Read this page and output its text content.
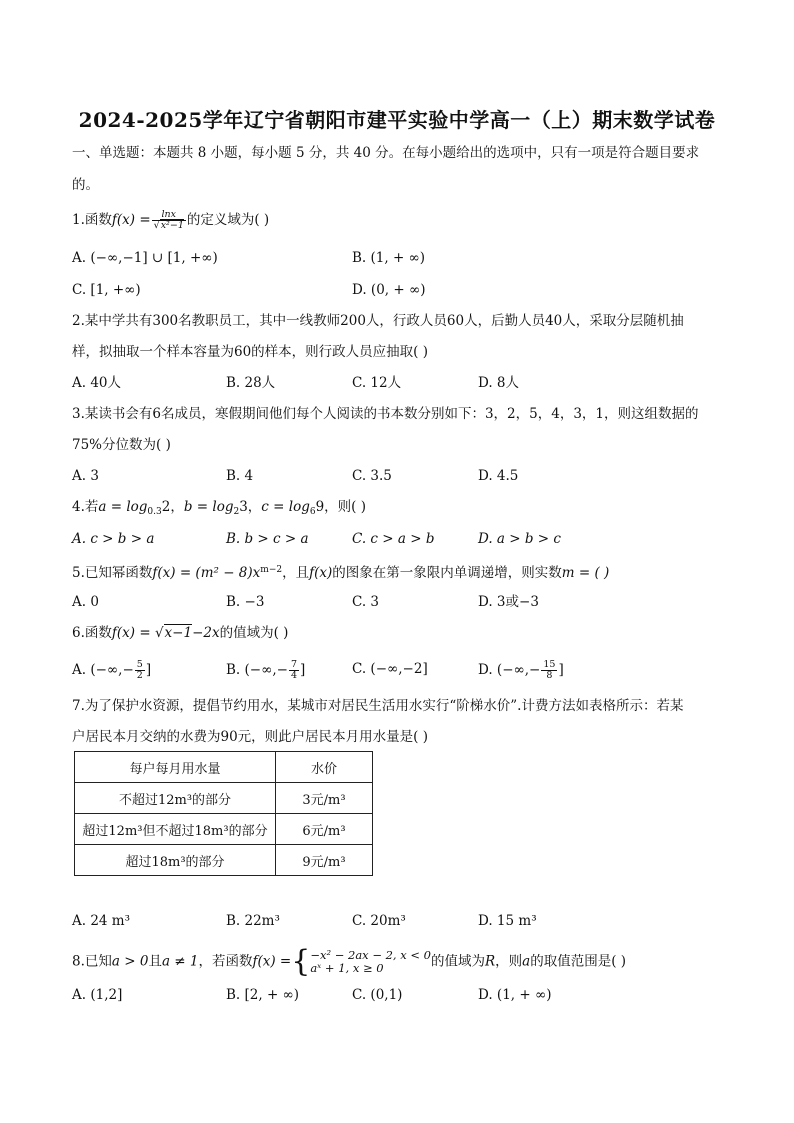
2024-2025学年辽宁省朝阳市建平实验中学高一（上）期末数学试卷
一、单选题：本题共 8 小题，每小题 5 分，共 40 分。在每小题给出的选项中，只有一项是符合题目要求
的。
1.函数$f(x) = \frac{\ln x}{\text{√x²−1}}$ 的定义域为( )
A. (−∞,−1] ∪ [1, +∞)	B. (1, + ∞)
C. [1, +∞)	D. (0, + ∞)
2.某中学共有300名教职员工，其中一线教师200人，行政人员60人，后勤人员40人，采取分层随机抽
样，拟抽取一个样本容量为60的样本，则行政人员应抽取( )
A. 40人	B. 28人	C. 12人	D. 8人
3.某读书会有6名成员，寒假期间他们每个人阅读的书本数分别如下：3，2，5，4，3，1，则这组数据的
75%分位数为( )
A. 3	B. 4	C. 3.5	D. 4.5
4.若$a = \log_{0.3}2$，$b = \log_23$，$c = \log_69$，则( )
A. c > b > a	B. b > c > a	C. c > a > b	D. a > b > c
5.已知幂函数$f(x) = (m^2 - 8)x^{m-2}$，且f(x)的图象在第一象限内单调递增，则实数m = ( )
A. 0	B. −3	C. 3	D. 3或−3
6.函数f(x) = √x−1−2x的值域为( )
A. (−∞,− $\frac{5}{2}$ ]	B. (−∞,− $\frac{7}{4}$ ]	C. (−∞,−2]	D. (−∞,− $\frac{15}{8}$ ]
7.为了保护水资源，提倡节约用水，某城市对居民生活用水实行“阶梯水价”.计费方法如表格所示：若某
户居民本月交纳的水费为90元，则此户居民本月用水量是( )
每户每月用水量	水价
不超过12m³的部分	3元/m³
超过12m³但不超过18m³的部分	6元/m³
超过18m³的部分	9元/m³
A. 24 m³	B. 22m³	C. 20m³	D. 15 m³
8.已知a > 0且a ≠ 1，若函数f(x) ={ −x² − 2ax − 2, x < 0
aˣ + 1, x ≥ 0	的值域为R，则a的取值范围是( )
A. (1,2]	B. [2, + ∞)	C. (0,1)	D. (1, + ∞)
